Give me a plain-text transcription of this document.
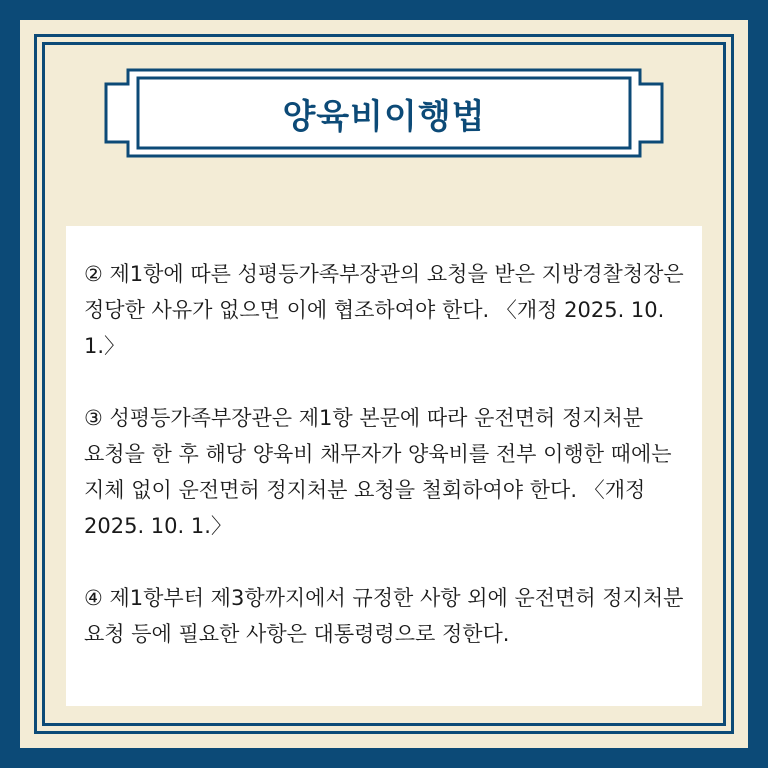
양육비이행법

② 제1항에 따른 성평등가족부장관의 요청을 받은 지방경찰청장은 정당한 사유가 없으면 이에 협조하여야 한다. 〈개정 2025. 10. 1.〉

③ 성평등가족부장관은 제1항 본문에 따라 운전면허 정지처분 요청을 한 후 해당 양육비 채무자가 양육비를 전부 이행한 때에는 지체 없이 운전면허 정지처분 요청을 철회하여야 한다. 〈개정 2025. 10. 1.〉

④ 제1항부터 제3항까지에서 규정한 사항 외에 운전면허 정지처분 요청 등에 필요한 사항은 대통령령으로 정한다.
